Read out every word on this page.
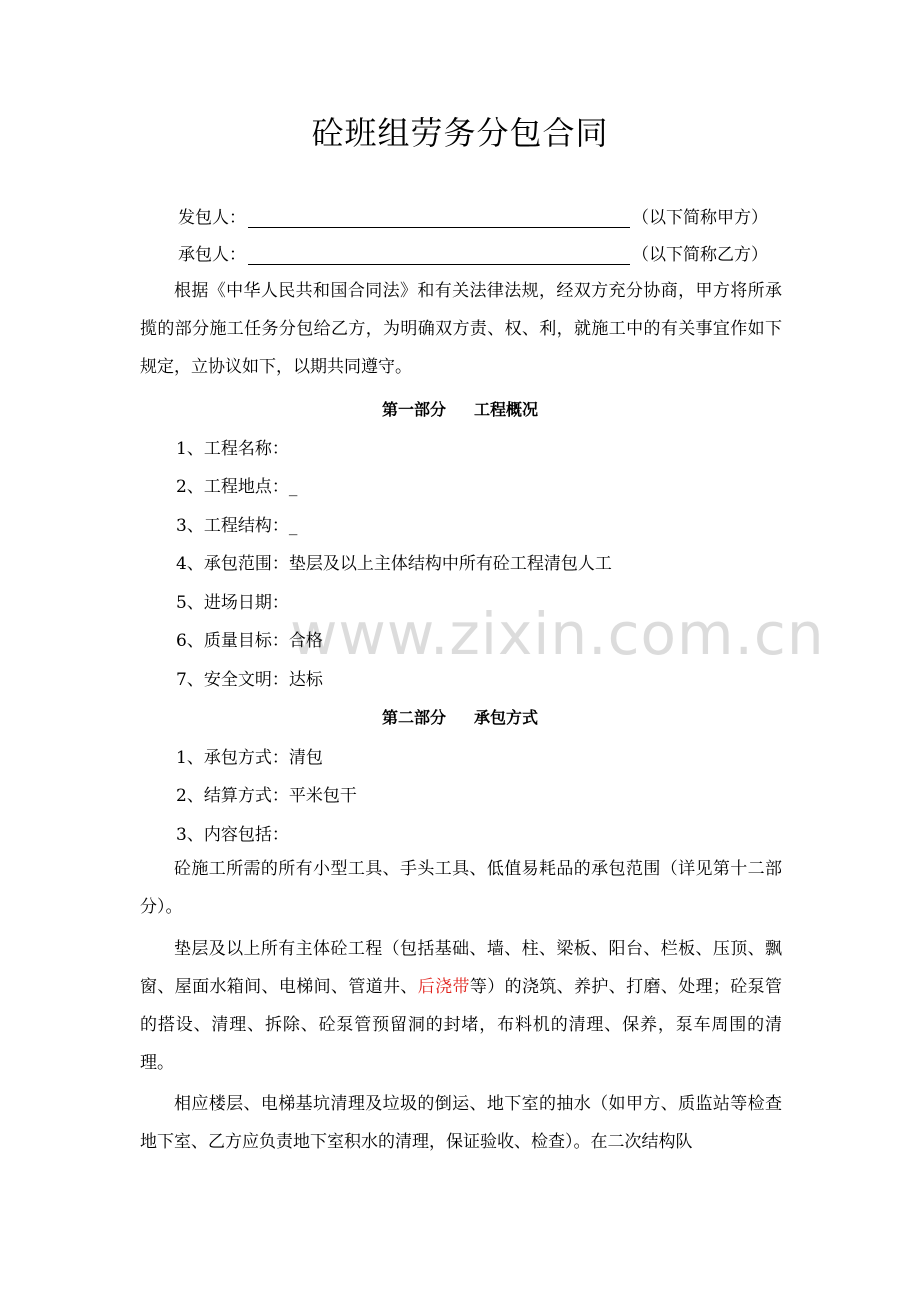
www.zixin.com.cn
砼班组劳务分包合同
发包人：	（以下简称甲方）
承包人：	（以下简称乙方）

根据《中华人民共和国合同法》和有关法律法规，经双方充分协商，甲方将所承揽的部分施工任务分包给乙方，为明确双方责、权、利，就施工中的有关事宜作如下规定，立协议如下，以期共同遵守。

第一部分 工程概况
1、工程名称：
2、工程地点：_
3、工程结构：_
4、承包范围：垫层及以上主体结构中所有砼工程清包人工
5、进场日期：
6、质量目标：合格
7、安全文明：达标
第二部分 承包方式
1、承包方式：清包
2、结算方式：平米包干
3、内容包括：

砼施工所需的所有小型工具、手头工具、低值易耗品的承包范围（详见第十二部分）。

垫层及以上所有主体砼工程（包括基础、墙、柱、梁板、阳台、栏板、压顶、飘窗、屋面水箱间、电梯间、管道井、后浇带等）的浇筑、养护、打磨、处理；砼泵管的搭设、清理、拆除、砼泵管预留洞的封堵，布料机的清理、保养，泵车周围的清理。

相应楼层、电梯基坑清理及垃圾的倒运、地下室的抽水（如甲方、质监站等检查地下室、乙方应负责地下室积水的清理，保证验收、检查）。在二次结构队
